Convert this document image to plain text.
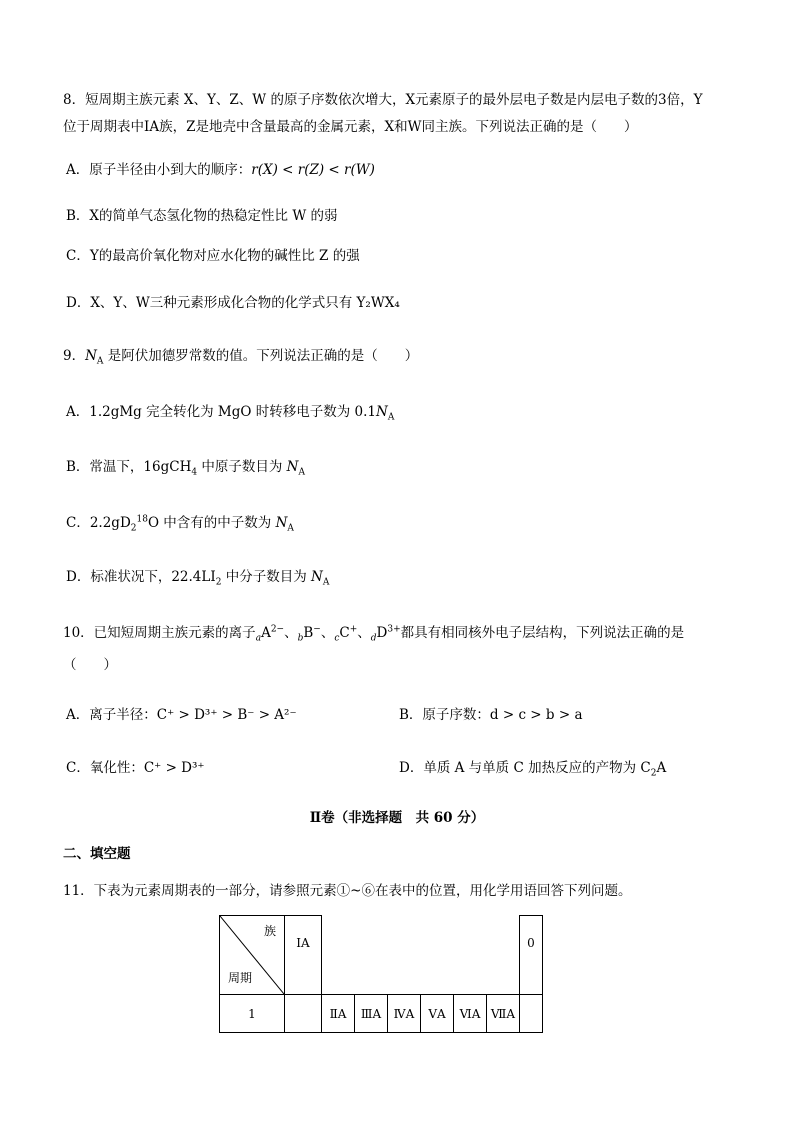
8．短周期主族元素 X、Y、Z、W 的原子序数依次增大，X元素原子的最外层电子数是内层电子数的3倍，Y
位于周期表中ⅠA族，Z是地壳中含量最高的金属元素，X和W同主族。下列说法正确的是（　　）
A．原子半径由小到大的顺序：r(X) < r(Z) < r(W)
B．X的简单气态氢化物的热稳定性比 W 的弱
C．Y的最高价氧化物对应水化物的碱性比 Z 的强
D．X、Y、W三种元素形成化合物的化学式只有 Y₂WX₄
9．$N_A$ 是阿伏加德罗常数的值。下列说法正确的是（　　）
A．1.2gMg 完全转化为 MgO 时转移电子数为 $0.1N_A$
B．常温下，16gCH$_4$ 中原子数目为 $N_A$
C．$2.2gD_2^{18}O$ 中含有的中子数为 $N_A$
D．标准状况下，$22.4LI_2$ 中分子数目为 $N_A$
10．已知短周期主族元素的离子$_aA^{2-}$、$_b$B−、$_c$C+、$_dD^{3+}$都具有相同核外电子层结构，下列说法正确的是
（　　）
A．离子半径：C⁺ > D³⁺ > B⁻ > A²⁻	B．原子序数：d > c > b > a
C．氧化性：C⁺ > D³⁺	D．单质 A 与单质 C 加热反应的产物为 $C_2A$
Ⅱ卷（非选择题　共 60 分）
二、填空题
11．下表为元素周期表的一部分，请参照元素①~⑥在表中的位置，用化学用语回答下列问题。
族
周期	ⅠA							0
1		ⅡA	ⅢA	ⅣA	ⅤA	ⅥA	ⅦA	
